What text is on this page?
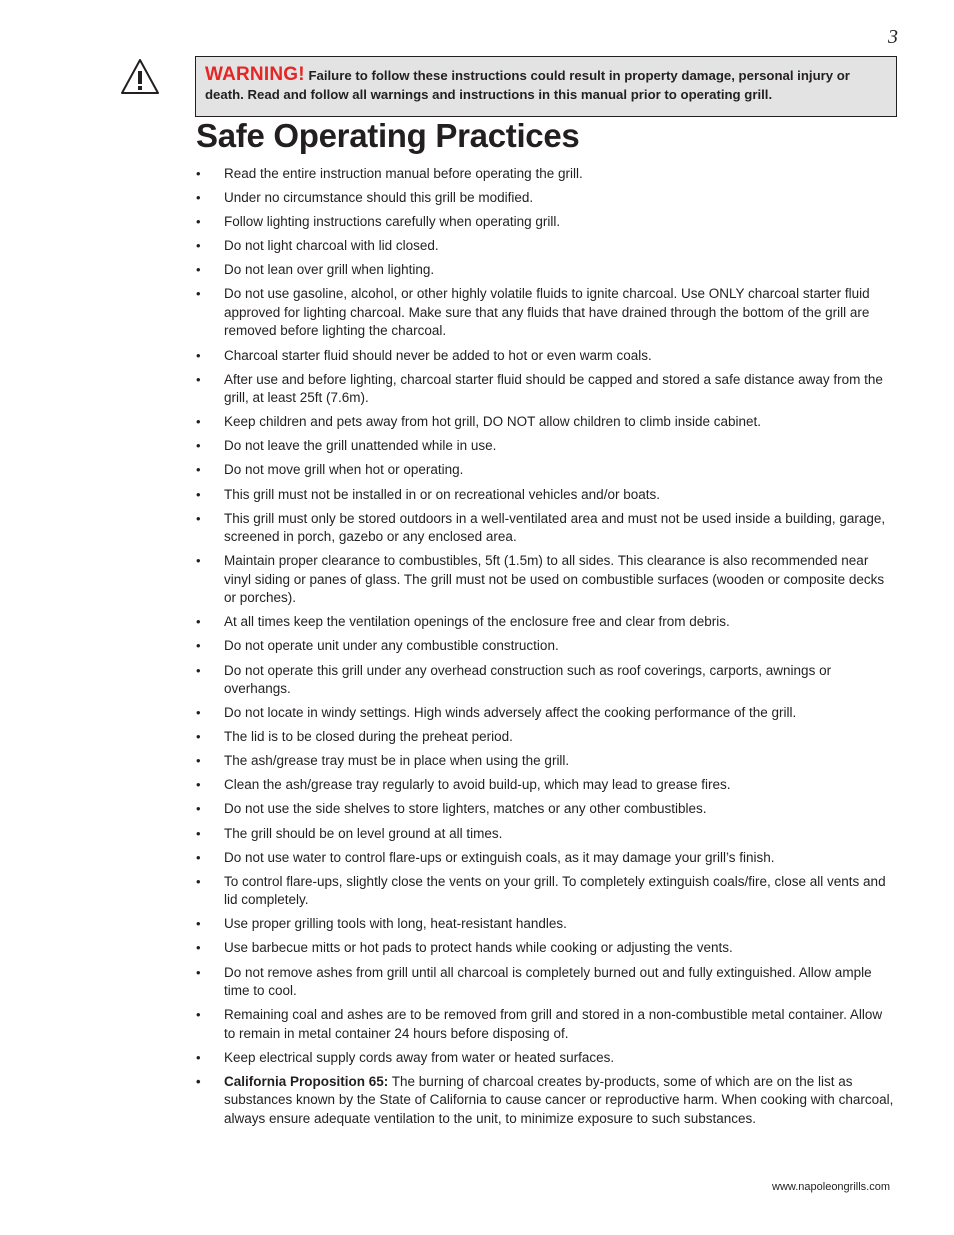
3
WARNING! Failure to follow these instructions could result in property damage, personal injury or death. Read and follow all warnings and instructions in this manual prior to operating grill.
Safe Operating Practices
• Read the entire instruction manual before operating the grill.
• Under no circumstance should this grill be modified.
• Follow lighting instructions carefully when operating grill.
• Do not light charcoal with lid closed.
• Do not lean over grill when lighting.
• Do not use gasoline, alcohol, or other highly volatile fluids to ignite charcoal. Use ONLY charcoal starter fluid approved for lighting charcoal. Make sure that any fluids that have drained through the bottom of the grill are removed before lighting the charcoal.
• Charcoal starter fluid should never be added to hot or even warm coals.
• After use and before lighting, charcoal starter fluid should be capped and stored a safe distance away from the grill, at least 25ft (7.6m).
• Keep children and pets away from hot grill, DO NOT allow children to climb inside cabinet.
• Do not leave the grill unattended while in use.
• Do not move grill when hot or operating.
• This grill must not be installed in or on recreational vehicles and/or boats.
• This grill must only be stored outdoors in a well-ventilated area and must not be used inside a building, garage, screened in porch, gazebo or any enclosed area.
• Maintain proper clearance to combustibles, 5ft (1.5m) to all sides. This clearance is also recommended near vinyl siding or panes of glass. The grill must not be used on combustible surfaces (wooden or composite decks or porches).
• At all times keep the ventilation openings of the enclosure free and clear from debris.
• Do not operate unit under any combustible construction.
• Do not operate this grill under any overhead construction such as roof coverings, carports, awnings or overhangs.
• Do not locate in windy settings. High winds adversely affect the cooking performance of the grill.
• The lid is to be closed during the preheat period.
• The ash/grease tray must be in place when using the grill.
• Clean the ash/grease tray regularly to avoid build-up, which may lead to grease fires.
• Do not use the side shelves to store lighters, matches or any other combustibles.
• The grill should be on level ground at all times.
• Do not use water to control flare-ups or extinguish coals, as it may damage your grill’s finish.
• To control flare-ups, slightly close the vents on your grill. To completely extinguish coals/fire, close all vents and lid completely.
• Use proper grilling tools with long, heat-resistant handles.
• Use barbecue mitts or hot pads to protect hands while cooking or adjusting the vents.
• Do not remove ashes from grill until all charcoal is completely burned out and fully extinguished. Allow ample time to cool.
• Remaining coal and ashes are to be removed from grill and stored in a non-combustible metal container. Allow to remain in metal container 24 hours before disposing of.
• Keep electrical supply cords away from water or heated surfaces.
• California Proposition 65: The burning of charcoal creates by-products, some of which are on the list as substances known by the State of California to cause cancer or reproductive harm. When cooking with charcoal, always ensure adequate ventilation to the unit, to minimize exposure to such substances.
www.napoleongrills.com
